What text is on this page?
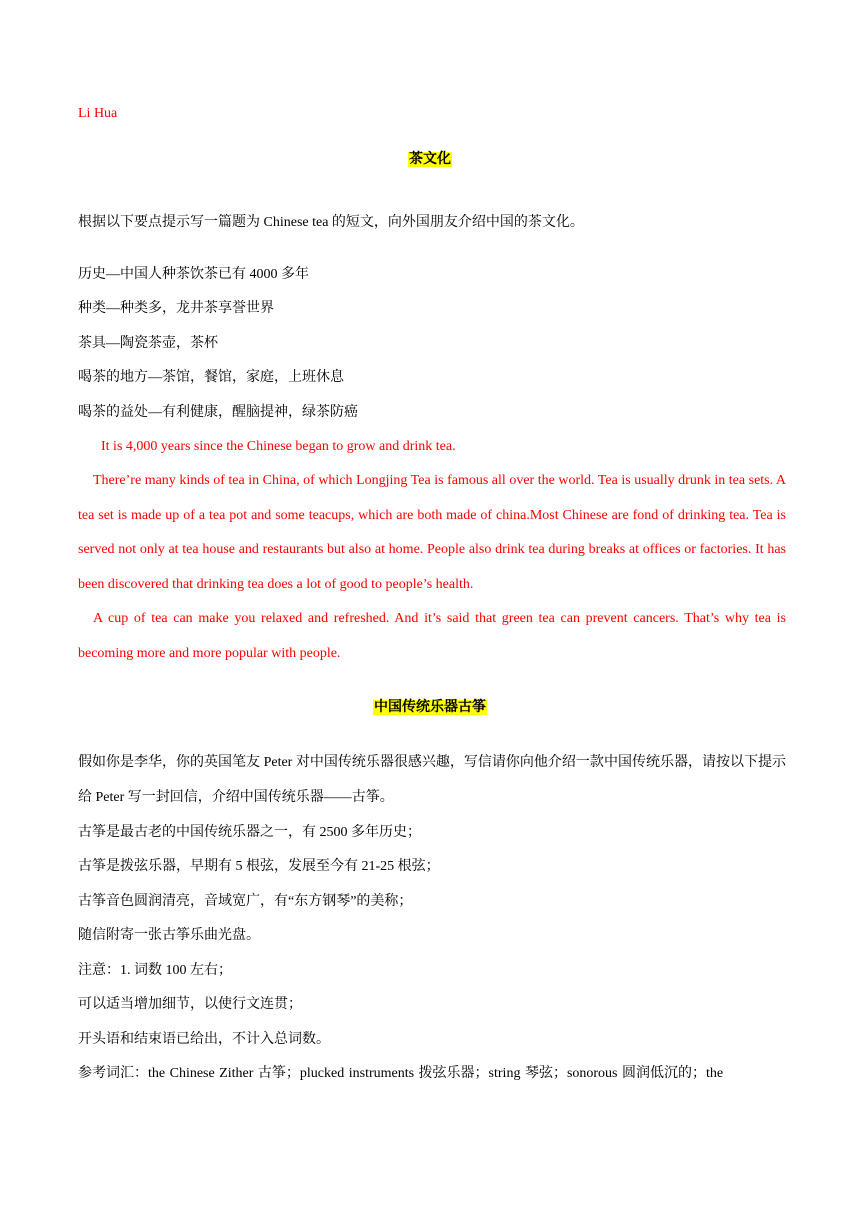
Li Hua
茶文化
根据以下要点提示写一篇题为 Chinese tea 的短文，向外国朋友介绍中国的茶文化。
历史—中国人种茶饮茶已有 4000 多年
种类—种类多，龙井茶享誉世界
茶具—陶瓷茶壶，茶杯
喝茶的地方—茶馆，餐馆，家庭，上班休息
喝茶的益处—有利健康，醒脑提神，绿茶防癌
It is 4,000 years since the Chinese began to grow and drink tea.
There’re many kinds of tea in China, of which Longjing Tea is famous all over the world. Tea is usually drunk in tea sets. A tea set is made up of a tea pot and some teacups, which are both made of china.Most Chinese are fond of drinking tea. Tea is served not only at tea house and restaurants but also at home. People also drink tea during breaks at offices or factories. It has been discovered that drinking tea does a lot of good to people’s health.
A cup of tea can make you relaxed and refreshed. And it’s said that green tea can prevent cancers. That’s why tea is becoming more and more popular with people.
中国传统乐器古筝
假如你是李华，你的英国笔友 Peter 对中国传统乐器很感兴趣，写信请你向他介绍一款中国传统乐器，请按以下提示给 Peter 写一封回信，介绍中国传统乐器——古筝。
古筝是最古老的中国传统乐器之一，有 2500 多年历史；
古筝是拨弦乐器，早期有 5 根弦，发展至今有 21-25 根弦；
古筝音色圆润清亮，音域宽广，有“东方钢琴”的美称；
随信附寄一张古筝乐曲光盘。
注意：1. 词数 100 左右；
可以适当增加细节，以使行文连贯；
开头语和结束语已给出，不计入总词数。
参考词汇：the Chinese Zither 古筝；plucked instruments 拨弦乐器；string 琴弦；sonorous 圆润低沉的；the
